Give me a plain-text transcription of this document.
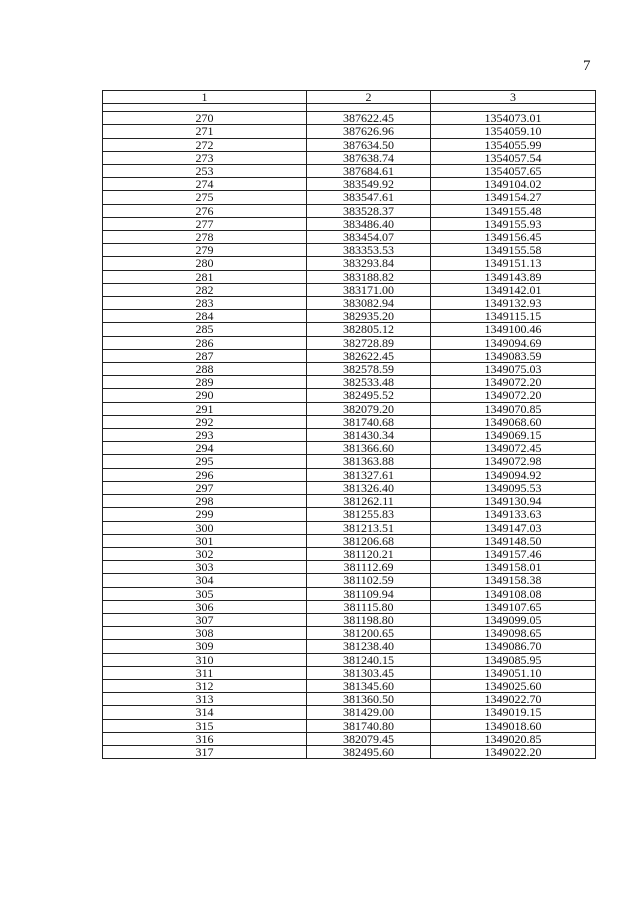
7
1	2	3

270	387622.45	1354073.01
271	387626.96	1354059.10
272	387634.50	1354055.99
273	387638.74	1354057.54
253	387684.61	1354057.65
274	383549.92	1349104.02
275	383547.61	1349154.27
276	383528.37	1349155.48
277	383486.40	1349155.93
278	383454.07	1349156.45
279	383353.53	1349155.58
280	383293.84	1349151.13
281	383188.82	1349143.89
282	383171.00	1349142.01
283	383082.94	1349132.93
284	382935.20	1349115.15
285	382805.12	1349100.46
286	382728.89	1349094.69
287	382622.45	1349083.59
288	382578.59	1349075.03
289	382533.48	1349072.20
290	382495.52	1349072.20
291	382079.20	1349070.85
292	381740.68	1349068.60
293	381430.34	1349069.15
294	381366.60	1349072.45
295	381363.88	1349072.98
296	381327.61	1349094.92
297	381326.40	1349095.53
298	381262.11	1349130.94
299	381255.83	1349133.63
300	381213.51	1349147.03
301	381206.68	1349148.50
302	381120.21	1349157.46
303	381112.69	1349158.01
304	381102.59	1349158.38
305	381109.94	1349108.08
306	381115.80	1349107.65
307	381198.80	1349099.05
308	381200.65	1349098.65
309	381238.40	1349086.70
310	381240.15	1349085.95
311	381303.45	1349051.10
312	381345.60	1349025.60
313	381360.50	1349022.70
314	381429.00	1349019.15
315	381740.80	1349018.60
316	382079.45	1349020.85
317	382495.60	1349022.20
